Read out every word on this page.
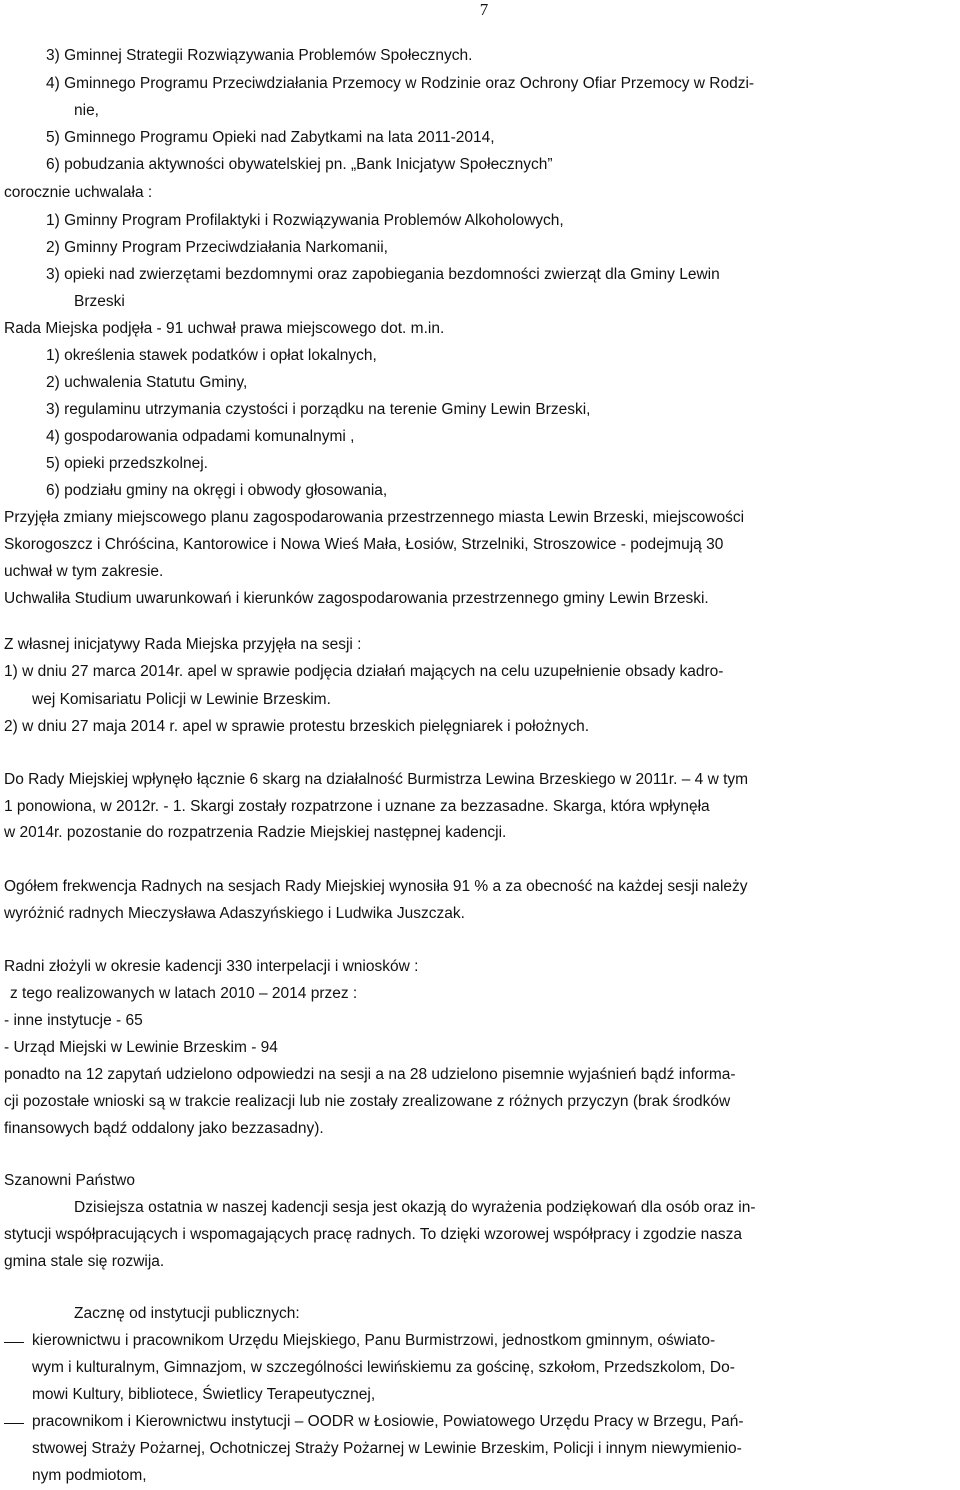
7
3) Gminnej Strategii Rozwiązywania Problemów Społecznych.
4) Gminnego Programu Przeciwdziałania Przemocy w Rodzinie oraz Ochrony Ofiar Przemocy w Rodzi-
nie,
5) Gminnego Programu Opieki nad Zabytkami na lata 2011-2014,
6) pobudzania aktywności obywatelskiej pn. „Bank Inicjatyw Społecznych”
corocznie uchwalała :
1) Gminny Program Profilaktyki i Rozwiązywania Problemów Alkoholowych,
2) Gminny Program Przeciwdziałania Narkomanii,
3) opieki nad zwierzętami bezdomnymi oraz zapobiegania bezdomności zwierząt dla Gminy Lewin
Brzeski
Rada Miejska podjęła - 91 uchwał prawa miejscowego dot. m.in.
1) określenia stawek podatków i opłat lokalnych,
2) uchwalenia Statutu Gminy,
3) regulaminu utrzymania czystości i porządku na terenie Gminy Lewin Brzeski,
4) gospodarowania odpadami komunalnymi ,
5) opieki przedszkolnej.
6) podziału gminy na okręgi i obwody głosowania,
Przyjęła zmiany miejscowego planu zagospodarowania przestrzennego miasta Lewin Brzeski, miejscowości
Skorogoszcz i Chróścina, Kantorowice i Nowa Wieś Mała, Łosiów, Strzelniki, Stroszowice - podejmują 30
uchwał w tym zakresie.
Uchwaliła Studium uwarunkowań i kierunków zagospodarowania przestrzennego gminy Lewin Brzeski.
Z własnej inicjatywy Rada Miejska przyjęła na sesji :
1) w dniu 27 marca 2014r. apel w sprawie podjęcia działań mających na celu uzupełnienie obsady kadro-
wej Komisariatu Policji w Lewinie Brzeskim.
2) w dniu 27 maja 2014 r. apel w sprawie protestu brzeskich pielęgniarek i położnych.
Do Rady Miejskiej wpłynęło łącznie 6 skarg na działalność Burmistrza Lewina Brzeskiego w 2011r. – 4 w tym
1 ponowiona, w 2012r. - 1. Skargi zostały rozpatrzone i uznane za bezzasadne. Skarga, która wpłynęła
w 2014r. pozostanie do rozpatrzenia Radzie Miejskiej następnej kadencji.
Ogółem frekwencja Radnych na sesjach Rady Miejskiej wynosiła 91 % a za obecność na każdej sesji należy
wyróżnić radnych Mieczysława Adaszyńskiego i Ludwika Juszczak.
Radni złożyli w okresie kadencji 330 interpelacji i wniosków :
z tego realizowanych w latach 2010 – 2014 przez :
- inne instytucje - 65
- Urząd Miejski w Lewinie Brzeskim - 94
ponadto na 12 zapytań udzielono odpowiedzi na sesji a na 28 udzielono pisemnie wyjaśnień bądź informa-
cji pozostałe wnioski są w trakcie realizacji lub nie zostały zrealizowane z różnych przyczyn (brak środków
finansowych bądź oddalony jako bezzasadny).
Szanowni Państwo
Dzisiejsza ostatnia w naszej kadencji sesja jest okazją do wyrażenia podziękowań dla osób oraz in-
stytucji współpracujących i wspomagających pracę radnych. To dzięki wzorowej współpracy i zgodzie nasza
gmina stale się rozwija.
Zacznę od instytucji publicznych:
kierownictwu i pracownikom Urzędu Miejskiego, Panu Burmistrzowi, jednostkom gminnym, oświato-
wym i kulturalnym, Gimnazjom, w szczególności lewińskiemu za gościnę, szkołom, Przedszkolom, Do-
mowi Kultury, bibliotece, Świetlicy Terapeutycznej,
pracownikom i Kierownictwu instytucji – OODR w Łosiowie, Powiatowego Urzędu Pracy w Brzegu, Pań-
stwowej Straży Pożarnej, Ochotniczej Straży Pożarnej w Lewinie Brzeskim, Policji i innym niewymienio-
nym podmiotom,
